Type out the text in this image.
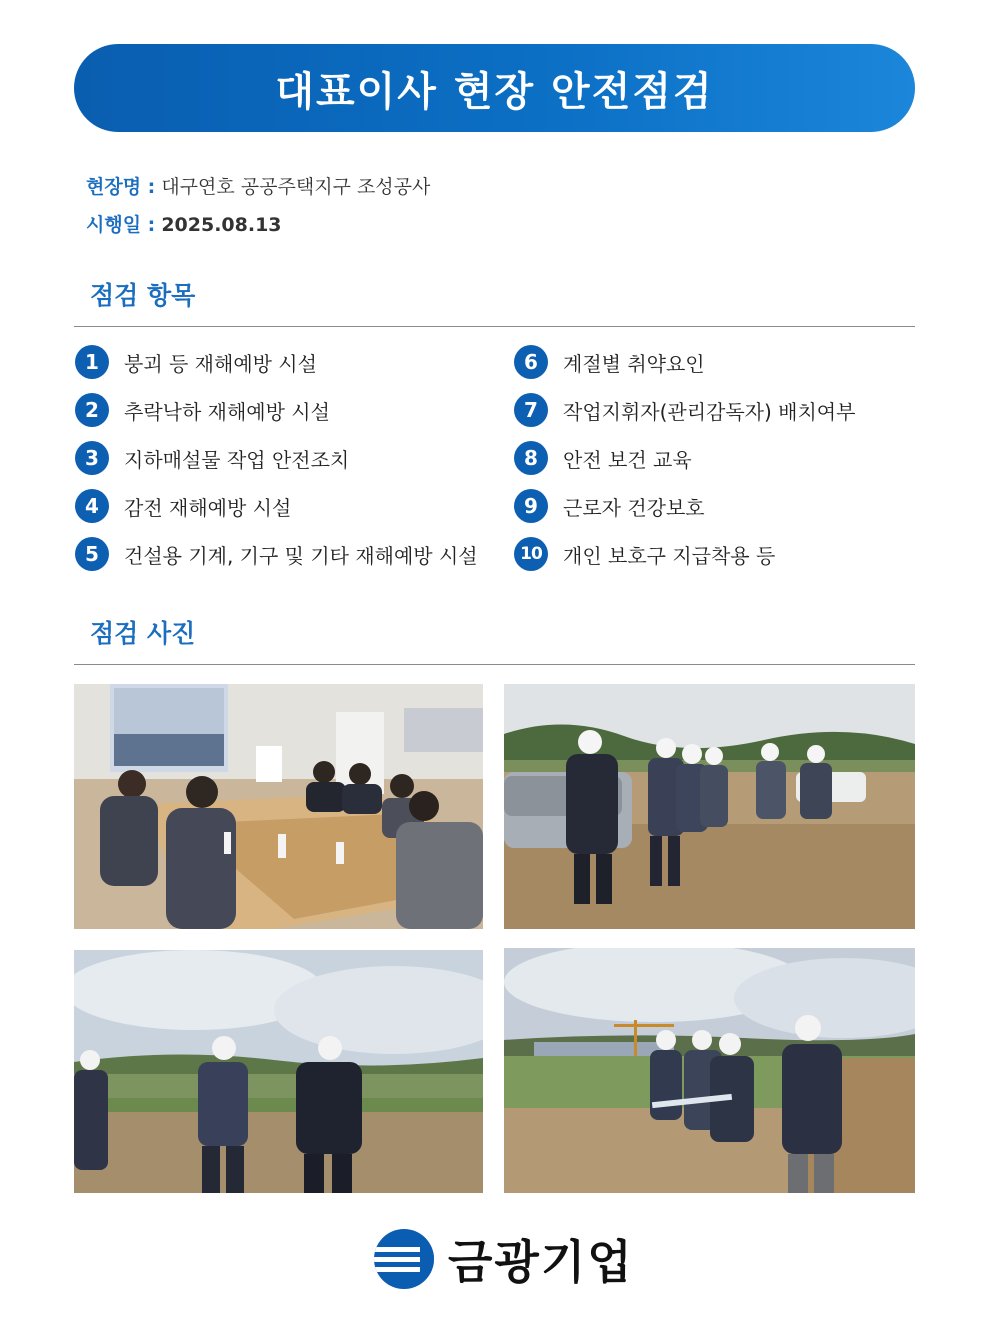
대표이사 현장 안전점검
현장명 : 대구연호 공공주택지구 조성공사
시행일 : 2025.08.13
점검 항목
1	붕괴 등 재해예방 시설
2	추락낙하 재해예방 시설
3	지하매설물 작업 안전조치
4	감전 재해예방 시설
5	건설용 기계, 기구 및 기타 재해예방 시설
6	계절별 취약요인
7	작업지휘자(관리감독자) 배치여부
8	안전 보건 교육
9	근로자 건강보호
10	개인 보호구 지급착용 등
점검 사진
금광기업
